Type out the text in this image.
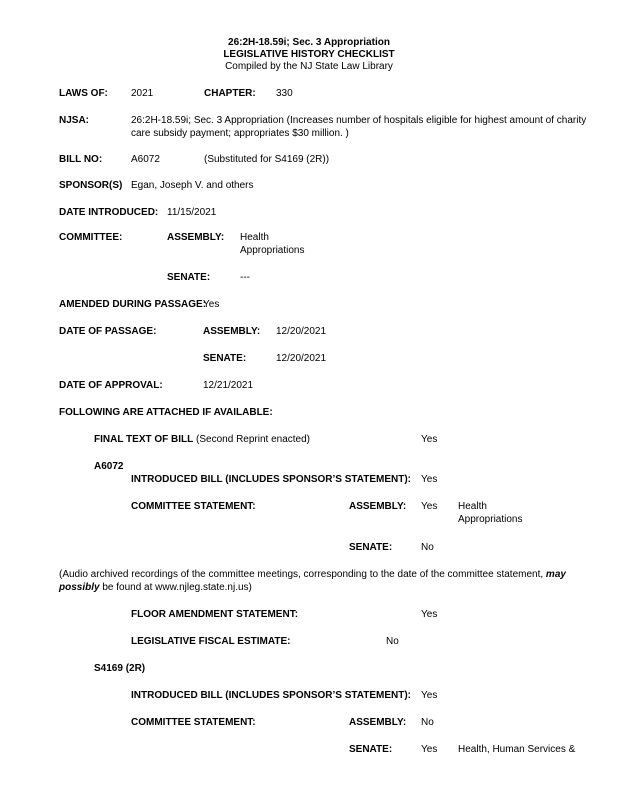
26:2H-18.59i; Sec. 3 Appropriation
LEGISLATIVE HISTORY CHECKLIST
Compiled by the NJ State Law Library
LAWS OF: 2021	CHAPTER: 330
NJSA:	26:2H-18.59i; Sec. 3 Appropriation (Increases number of hospitals eligible for highest amount of charity
care subsidy payment; appropriates $30 million. )
BILL NO:	A6072	(Substituted for S4169 (2R))
SPONSOR(S) Egan, Joseph V. and others
DATE INTRODUCED: 11/15/2021
COMMITTEE:	ASSEMBLY: Health
Appropriations
SENATE:	---
AMENDED DURING PASSAGE:
Yes
DATE OF PASSAGE:	ASSEMBLY: 12/20/2021
SENATE:	12/20/2021
DATE OF APPROVAL:	12/21/2021
FOLLOWING ARE ATTACHED IF AVAILABLE:
FINAL TEXT OF BILL (Second Reprint enacted)	Yes
A6072
INTRODUCED BILL (INCLUDES SPONSOR’S STATEMENT): Yes
COMMITTEE STATEMENT:	ASSEMBLY: Yes Health
Appropriations
SENATE:	No
(Audio archived recordings of the committee meetings, corresponding to the date of the committee statement, may
possibly be found at www.njleg.state.nj.us)
FLOOR AMENDMENT STATEMENT:	Yes
LEGISLATIVE FISCAL ESTIMATE:	No
S4169 (2R)
INTRODUCED BILL (INCLUDES SPONSOR’S STATEMENT): Yes
COMMITTEE STATEMENT:	ASSEMBLY: No
SENATE:	Yes Health, Human Services &
